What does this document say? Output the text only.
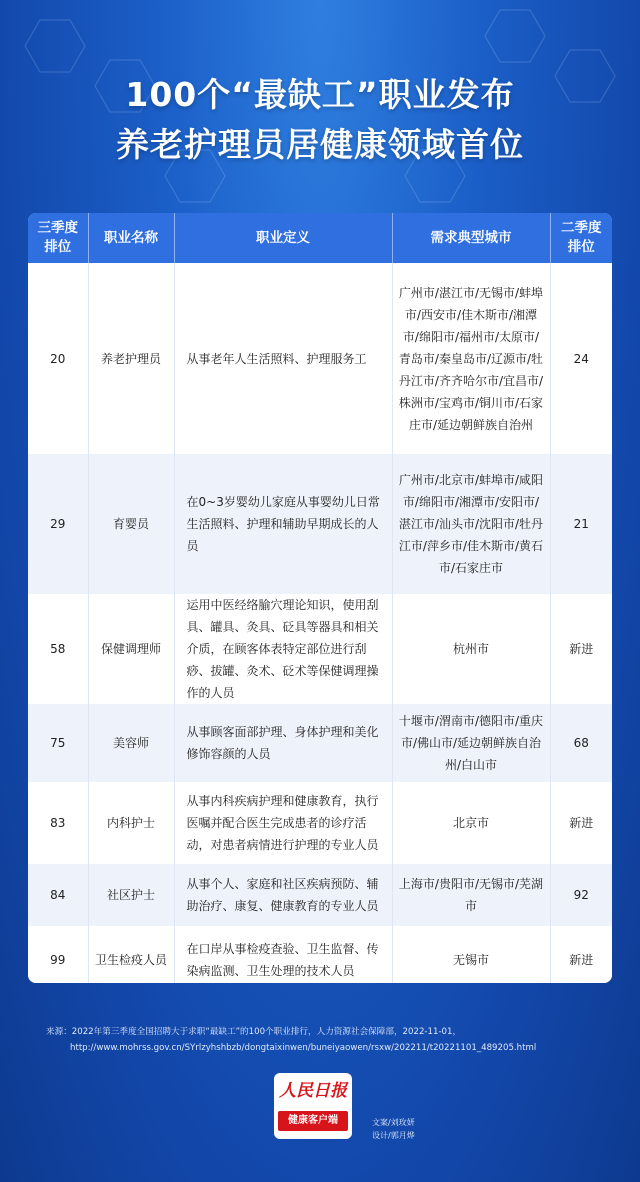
100个“最缺工”职业发布
养老护理员居健康领域首位
三季度排位	职业名称	职业定义	需求典型城市	二季度排位
20	养老护理员	从事老年人生活照料、护理服务工	广州市/湛江市/无锡市/蚌埠市/西安市/佳木斯市/湘潭市/绵阳市/福州市/太原市/青岛市/秦皇岛市/辽源市/牡丹江市/齐齐哈尔市/宜昌市/株洲市/宝鸡市/铜川市/石家庄市/延边朝鲜族自治州	24
29	育婴员	在0~3岁婴幼儿家庭从事婴幼儿日常生活照料、护理和辅助早期成长的人员	广州市/北京市/蚌埠市/咸阳市/绵阳市/湘潭市/安阳市/湛江市/汕头市/沈阳市/牡丹江市/萍乡市/佳木斯市/黄石市/石家庄市	21
58	保健调理师	运用中医经络腧穴理论知识，使用刮具、罐具、灸具、砭具等器具和相关介质，在顾客体表特定部位进行刮痧、拔罐、灸术、砭术等保健调理操作的人员	杭州市	新进
75	美容师	从事顾客面部护理、身体护理和美化修饰容颜的人员	十堰市/渭南市/德阳市/重庆市/佛山市/延边朝鲜族自治州/白山市	68
83	内科护士	从事内科疾病护理和健康教育，执行医嘱并配合医生完成患者的诊疗活动，对患者病情进行护理的专业人员	北京市	新进
84	社区护士	从事个人、家庭和社区疾病预防、辅助治疗、康复、健康教育的专业人员	上海市/贵阳市/无锡市/芜湖市	92
99	卫生检疫人员	在口岸从事检疫查验、卫生监督、传染病监测、卫生处理的技术人员	无锡市	新进
来源：2022年第三季度全国招聘大于求职“最缺工”的100个职业排行，人力资源社会保障部，2022-11-01，
http://www.mohrss.gov.cn/SYrlzyhshbzb/dongtaixinwen/buneiyaowen/rsxw/202211/t20221101_489205.html
人民日报
健康客户端	文案/刘玫妍
设计/郭月烨
